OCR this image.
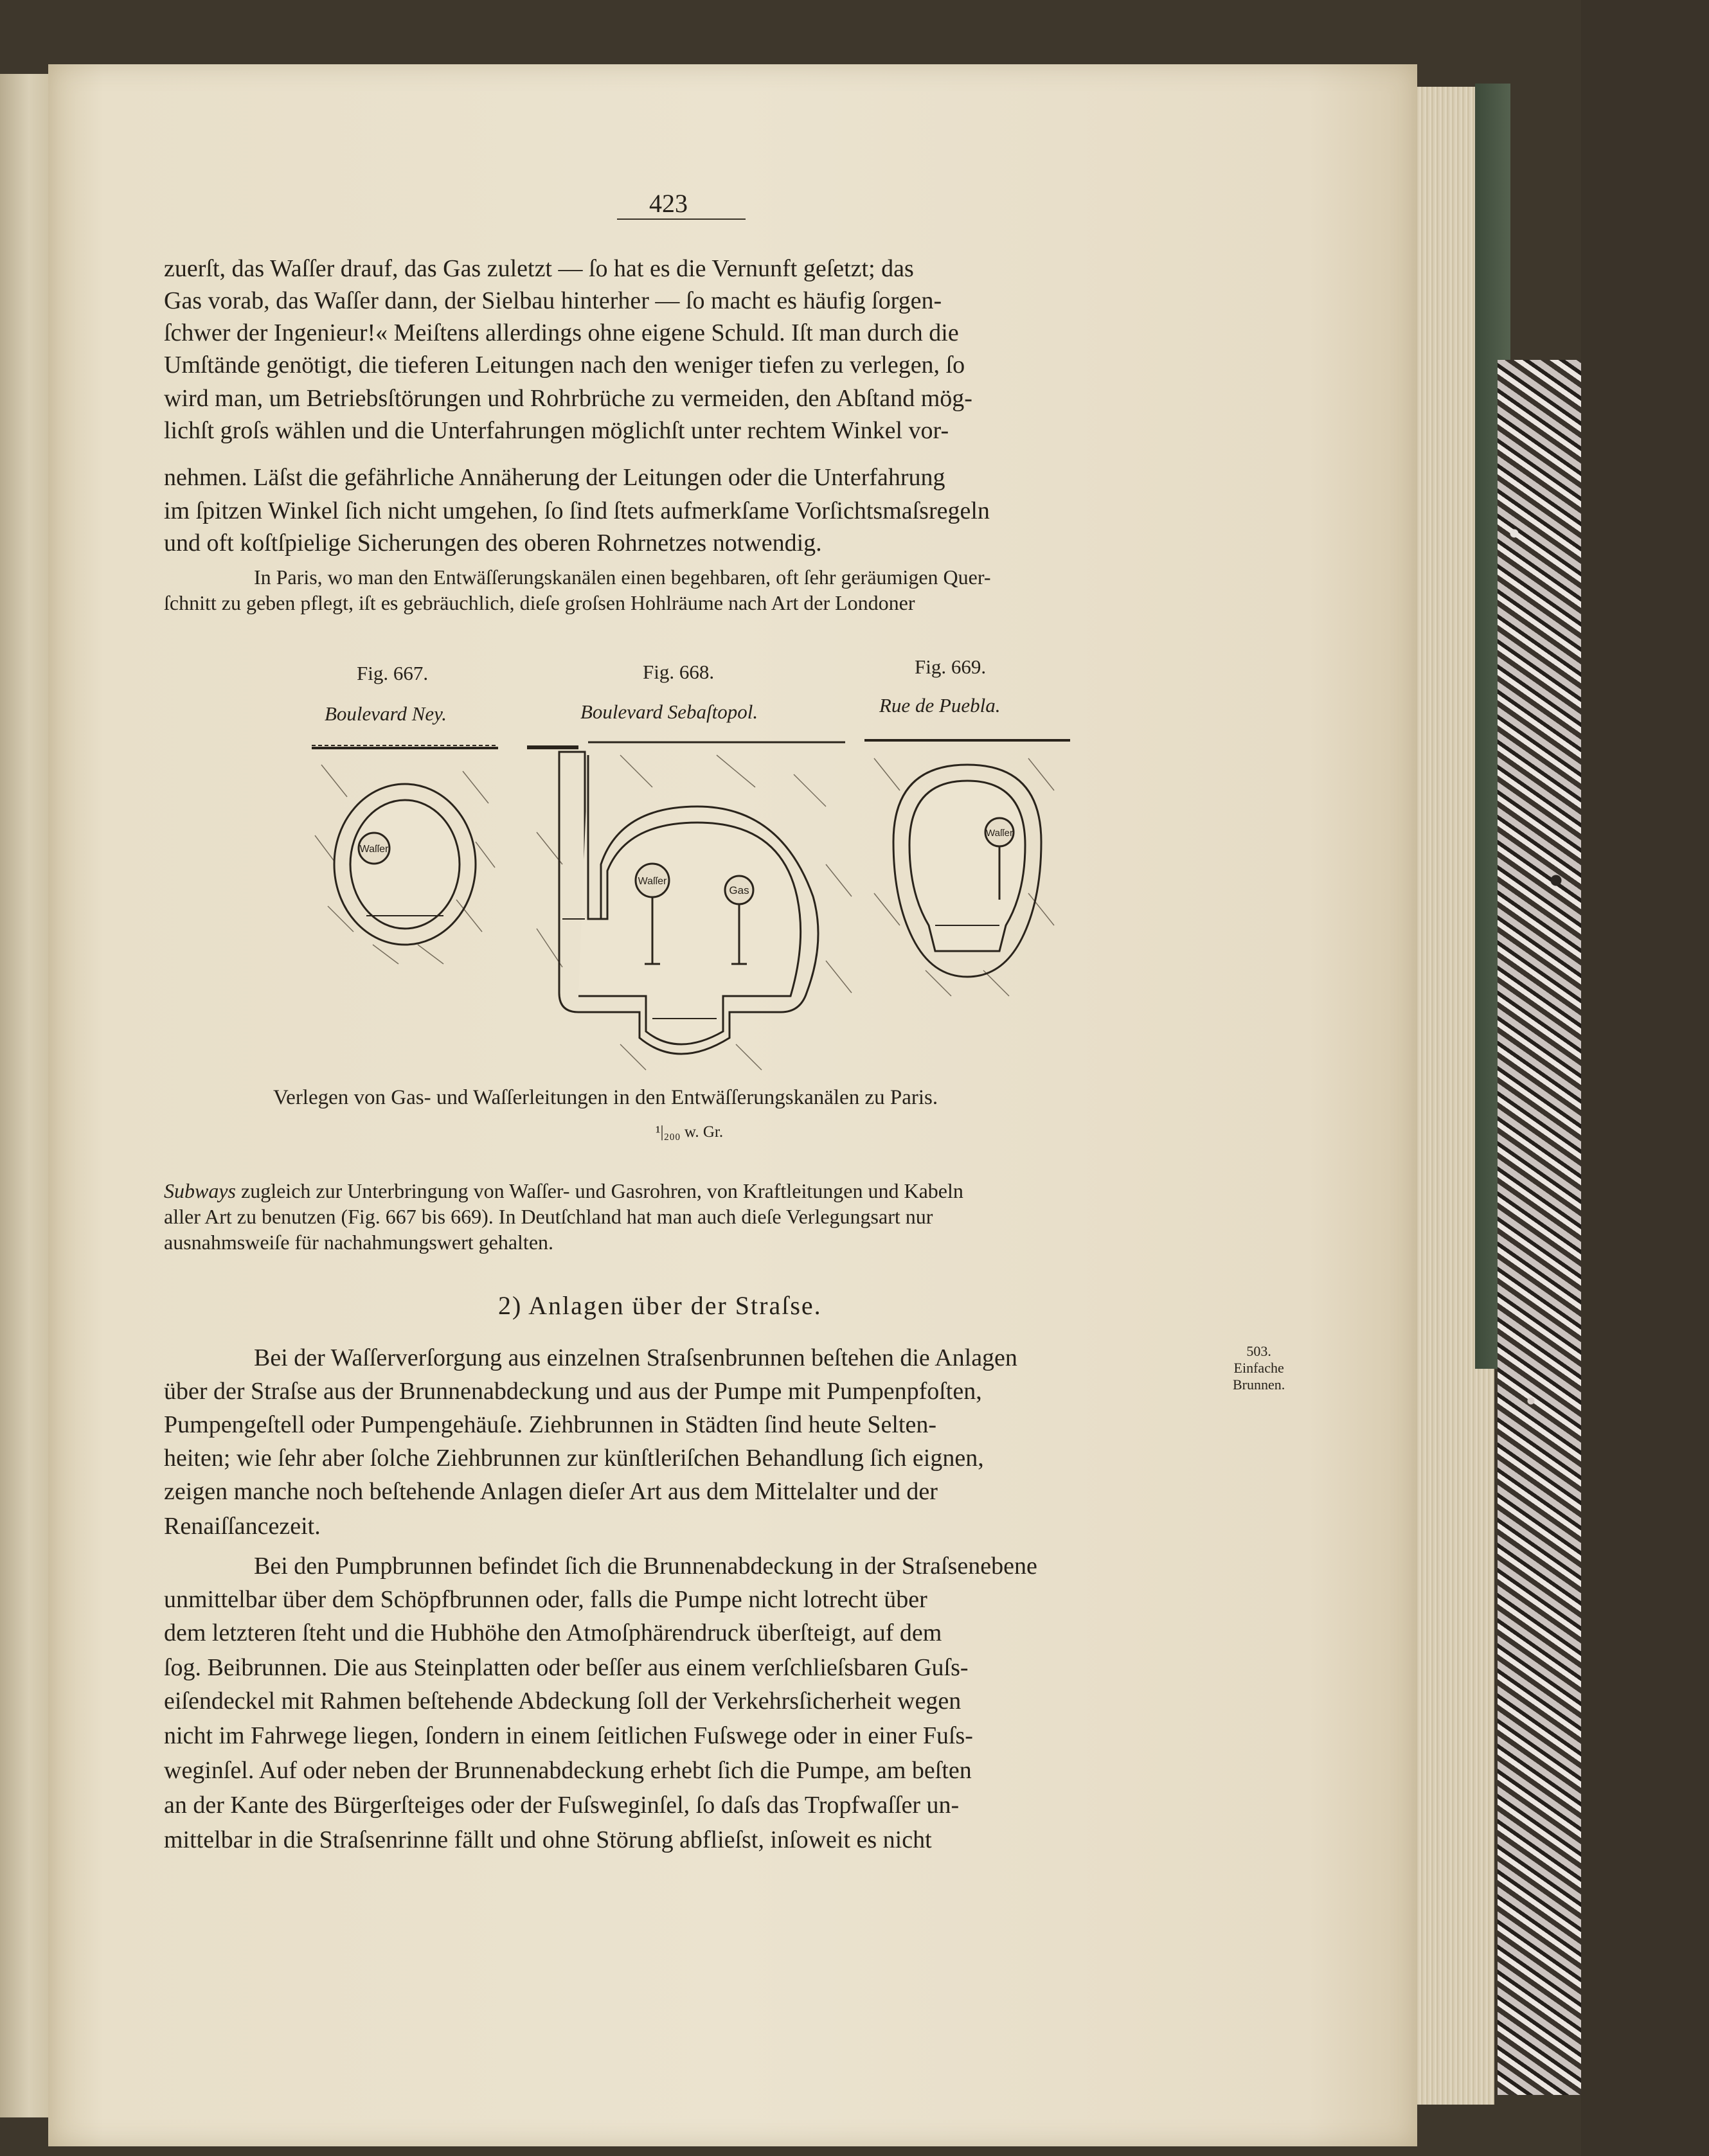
423

zuerſt, das Waſſer drauf, das Gas zuletzt — ſo hat es die Vernunft geſetzt; das

Gas vorab, das Waſſer dann, der Sielbau hinterher — ſo macht es häufig ſorgen-

ſchwer der Ingenieur!« Meiſtens allerdings ohne eigene Schuld. Iſt man durch die

Umſtände genötigt, die tieferen Leitungen nach den weniger tiefen zu verlegen, ſo

wird man, um Betriebsſtörungen und Rohrbrüche zu vermeiden, den Abſtand mög-

lichſt groſs wählen und die Unterfahrungen möglichſt unter rechtem Winkel vor-

nehmen. Läſst die gefährliche Annäherung der Leitungen oder die Unterfahrung

im ſpitzen Winkel ſich nicht umgehen, ſo ſind ſtets aufmerkſame Vorſichtsmaſsregeln

und oft koſtſpielige Sicherungen des oberen Rohrnetzes notwendig.

In Paris, wo man den Entwäſſerungskanälen einen begehbaren, oft ſehr geräumigen Quer-

ſchnitt zu geben pflegt, iſt es gebräuchlich, dieſe groſsen Hohlräume nach Art der Londoner

Fig. 667.
Boulevard Ney.
Waſſer
Fig. 668.
Boulevard Sebaſtopol.
Waſſer
Gas
Fig. 669.
Rue de Puebla.
Waſſer

Verlegen von Gas- und Waſſerleitungen in den Entwäſſerungskanälen zu Paris.

¹|₂₀₀ w. Gr.

Subways zugleich zur Unterbringung von Waſſer- und Gasrohren, von Kraftleitungen und Kabeln

aller Art zu benutzen (Fig. 667 bis 669). In Deutſchland hat man auch dieſe Verlegungsart nur

ausnahmsweiſe für nachahmungswert gehalten.

2) Anlagen über der Straſse.

Bei der Waſſerverſorgung aus einzelnen Straſsenbrunnen beſtehen die Anlagen

über der Straſse aus der Brunnenabdeckung und aus der Pumpe mit Pumpenpfoſten,

Pumpengeſtell oder Pumpengehäuſe. Ziehbrunnen in Städten ſind heute Selten-

heiten; wie ſehr aber ſolche Ziehbrunnen zur künſtleriſchen Behandlung ſich eignen,

zeigen manche noch beſtehende Anlagen dieſer Art aus dem Mittelalter und der

Renaiſſancezeit.

503.
Einfache
Brunnen.

Bei den Pumpbrunnen befindet ſich die Brunnenabdeckung in der Straſsenebene

unmittelbar über dem Schöpfbrunnen oder, falls die Pumpe nicht lotrecht über

dem letzteren ſteht und die Hubhöhe den Atmoſphärendruck überſteigt, auf dem

ſog. Beibrunnen. Die aus Steinplatten oder beſſer aus einem verſchlieſsbaren Guſs-

eiſendeckel mit Rahmen beſtehende Abdeckung ſoll der Verkehrsſicherheit wegen

nicht im Fahrwege liegen, ſondern in einem ſeitlichen Fuſswege oder in einer Fuſs-

weginſel. Auf oder neben der Brunnenabdeckung erhebt ſich die Pumpe, am beſten

an der Kante des Bürgerſteiges oder der Fuſsweginſel, ſo daſs das Tropfwaſſer un-

mittelbar in die Straſsenrinne fällt und ohne Störung abflieſst, inſoweit es nicht
